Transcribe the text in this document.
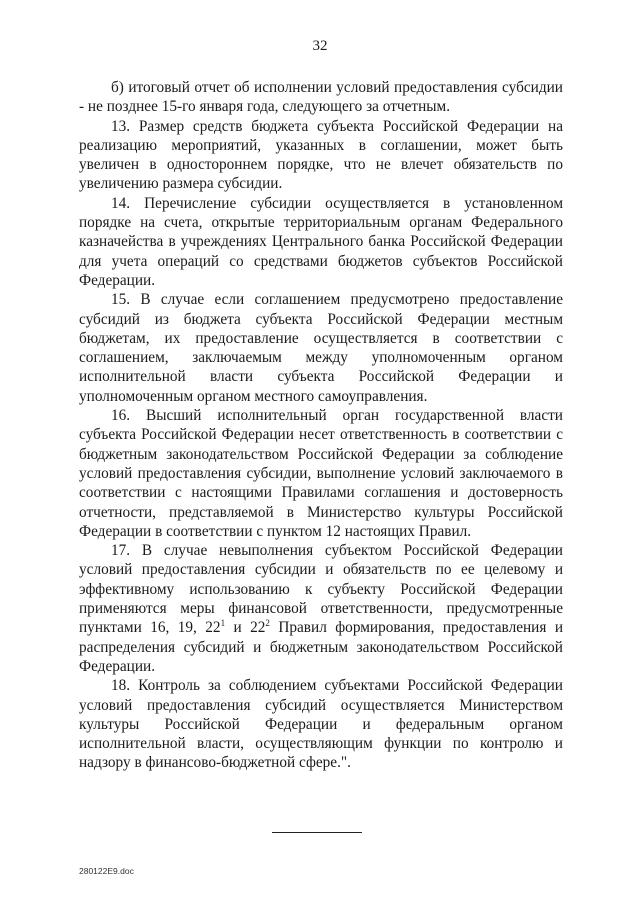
32

б) итоговый отчет об исполнении условий предоставления субсидии - не позднее 15-го января года, следующего за отчетным.

13. Размер средств бюджета субъекта Российской Федерации на реализацию мероприятий, указанных в соглашении, может быть увеличен в одностороннем порядке, что не влечет обязательств по увеличению размера субсидии.

14. Перечисление субсидии осуществляется в установленном порядке на счета, открытые территориальным органам Федерального казначейства в учреждениях Центрального банка Российской Федерации для учета операций со средствами бюджетов субъектов Российской Федерации.

15. В случае если соглашением предусмотрено предоставление субсидий из бюджета субъекта Российской Федерации местным бюджетам, их предоставление осуществляется в соответствии с соглашением, заключаемым между уполномоченным органом исполнительной власти субъекта Российской Федерации и уполномоченным органом местного самоуправления.

16. Высший исполнительный орган государственной власти субъекта Российской Федерации несет ответственность в соответствии с бюджетным законодательством Российской Федерации за соблюдение условий предоставления субсидии, выполнение условий заключаемого в соответствии с настоящими Правилами соглашения и достоверность отчетности, представляемой в Министерство культуры Российской Федерации в соответствии с пунктом 12 настоящих Правил.

17. В случае невыполнения субъектом Российской Федерации условий предоставления субсидии и обязательств по ее целевому и эффективному использованию к субъекту Российской Федерации применяются меры финансовой ответственности, предусмотренные пунктами 16, 19, $22^1$ и $22^2$ Правил формирования, предоставления и распределения субсидий и бюджетным законодательством Российской Федерации.

18. Контроль за соблюдением субъектами Российской Федерации условий предоставления субсидий осуществляется Министерством культуры Российской Федерации и федеральным органом исполнительной власти, осуществляющим функции по контролю и надзору в финансово-бюджетной сфере.".

280122E9.doc
